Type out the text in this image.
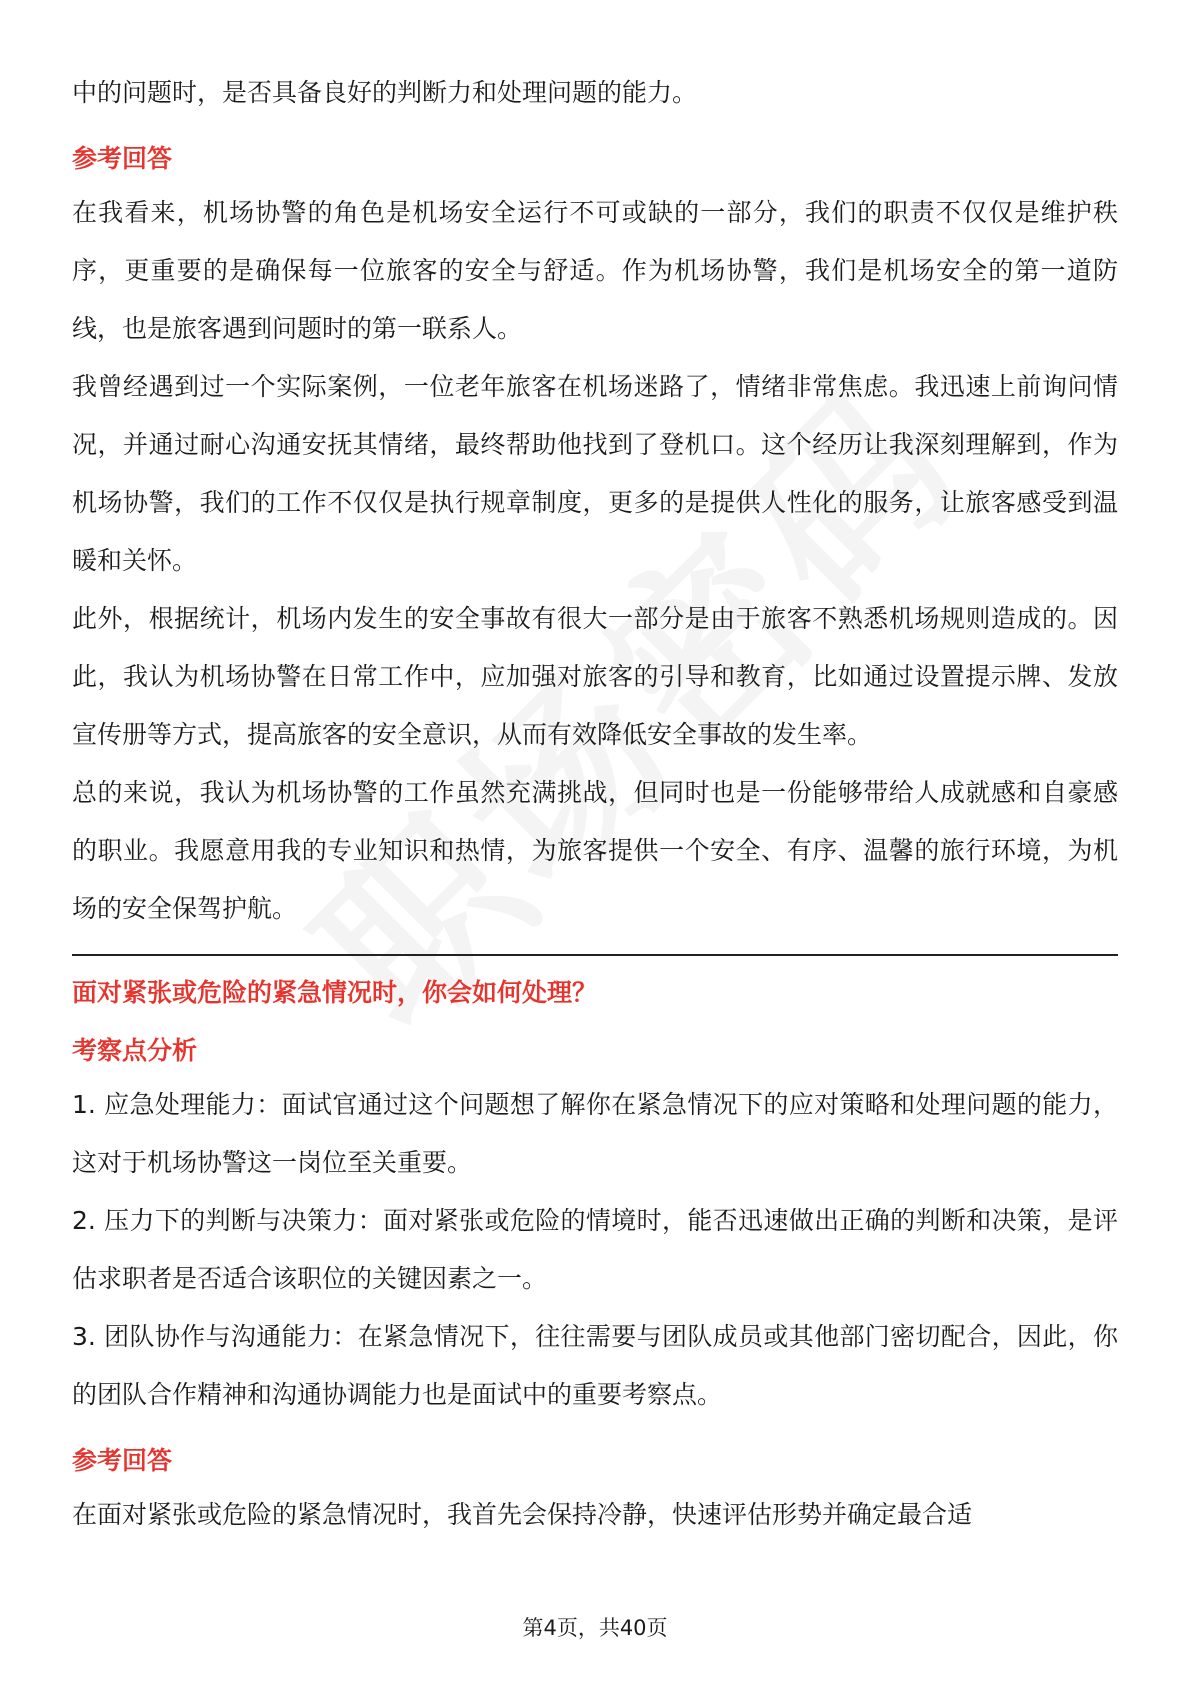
中的问题时，是否具备良好的判断力和处理问题的能力。

参考回答

在我看来，机场协警的角色是机场安全运行不可或缺的一部分，我们的职责不仅仅是维护秩序，更重要的是确保每一位旅客的安全与舒适。作为机场协警，我们是机场安全的第一道防线，也是旅客遇到问题时的第一联系人。

我曾经遇到过一个实际案例，一位老年旅客在机场迷路了，情绪非常焦虑。我迅速上前询问情况，并通过耐心沟通安抚其情绪，最终帮助他找到了登机口。这个经历让我深刻理解到，作为机场协警，我们的工作不仅仅是执行规章制度，更多的是提供人性化的服务，让旅客感受到温暖和关怀。

此外，根据统计，机场内发生的安全事故有很大一部分是由于旅客不熟悉机场规则造成的。因此，我认为机场协警在日常工作中，应加强对旅客的引导和教育，比如通过设置提示牌、发放宣传册等方式，提高旅客的安全意识，从而有效降低安全事故的发生率。

总的来说，我认为机场协警的工作虽然充满挑战，但同时也是一份能够带给人成就感和自豪感的职业。我愿意用我的专业知识和热情，为旅客提供一个安全、有序、温馨的旅行环境，为机场的安全保驾护航。

面对紧张或危险的紧急情况时，你会如何处理？

考察点分析

1. 应急处理能力：面试官通过这个问题想了解你在紧急情况下的应对策略和处理问题的能力，这对于机场协警这一岗位至关重要。

2. 压力下的判断与决策力：面对紧张或危险的情境时，能否迅速做出正确的判断和决策，是评估求职者是否适合该职位的关键因素之一。

3. 团队协作与沟通能力：在紧急情况下，往往需要与团队成员或其他部门密切配合，因此，你的团队合作精神和沟通协调能力也是面试中的重要考察点。

参考回答

在面对紧张或危险的紧急情况时，我首先会保持冷静，快速评估形势并确定最合适

第4页，共40页
